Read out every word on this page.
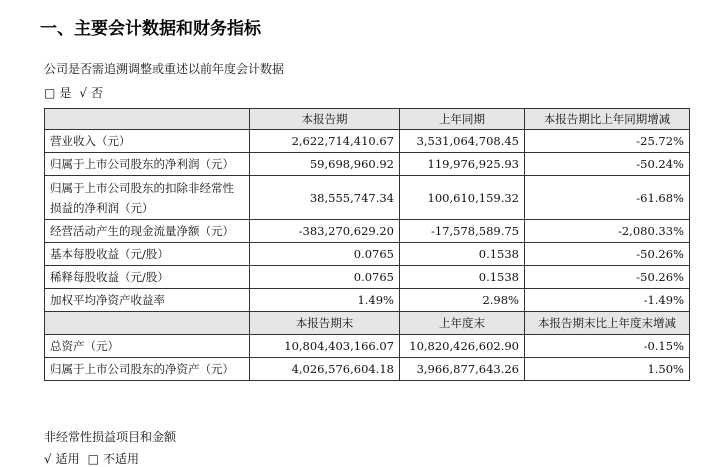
一、主要会计数据和财务指标
公司是否需追溯调整或重述以前年度会计数据
□ 是 √ 否
	本报告期	上年同期	本报告期比上年同期增减
营业收入（元）	2,622,714,410.67	3,531,064,708.45	-25.72%
归属于上市公司股东的净利润（元）	59,698,960.92	119,976,925.93	-50.24%
归属于上市公司股东的扣除非经常性损益的净利润（元）	38,555,747.34	100,610,159.32	-61.68%
经营活动产生的现金流量净额（元）	-383,270,629.20	-17,578,589.75	-2,080.33%
基本每股收益（元/股）	0.0765	0.1538	-50.26%
稀释每股收益（元/股）	0.0765	0.1538	-50.26%
加权平均净资产收益率	1.49%	2.98%	-1.49%
	本报告期末	上年度末	本报告期末比上年度末增减
总资产（元）	10,804,403,166.07	10,820,426,602.90	-0.15%
归属于上市公司股东的净资产（元）	4,026,576,604.18	3,966,877,643.26	1.50%
非经常性损益项目和金额
√ 适用 □ 不适用
